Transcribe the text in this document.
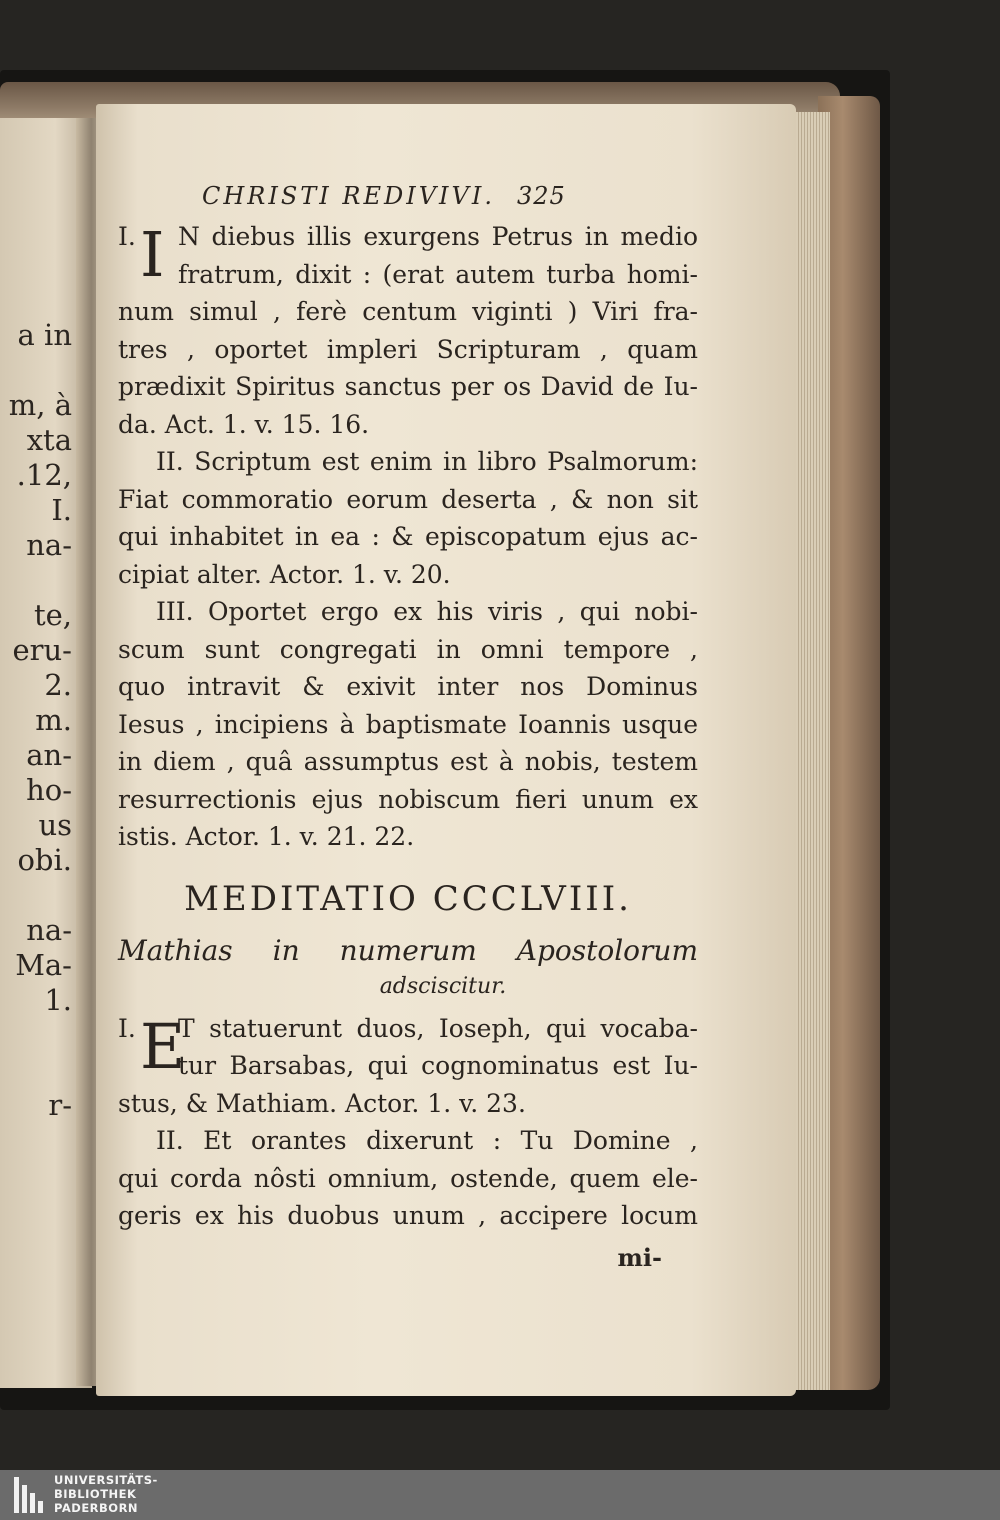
a in
m, à
xta
.12,
I.
na-
te,
eru-
2.
m.
an-
ho-
us
obi.
na-
Ma-
1.
r-
CHRISTI REDIVIVI. 325
I. I N diebus illis exurgens Petrus in medio
fratrum, dixit : (erat autem turba homi-
num simul , ferè centum viginti ) Viri fra-
tres , oportet impleri Scripturam , quam
prædixit Spiritus sanctus per os David de Iu-
da. Act. 1. v. 15. 16.
II. Scriptum est enim in libro Psalmorum:
Fiat commoratio eorum deserta , & non sit
qui inhabitet in ea : & episcopatum ejus ac-
cipiat alter. Actor. 1. v. 20.
III. Oportet ergo ex his viris , qui nobi-
scum sunt congregati in omni tempore ,
quo intravit & exivit inter nos Dominus
Iesus , incipiens à baptismate Ioannis usque
in diem , quâ assumptus est à nobis, testem
resurrectionis ejus nobiscum fieri unum ex
istis. Actor. 1. v. 21. 22.
MEDITATIO CCCLVIII.
Mathias in numerum Apostolorum
adsciscitur.
I. E
T statuerunt duos, Ioseph, qui vocaba-
tur Barsabas, qui cognominatus est Iu-
stus, & Mathiam. Actor. 1. v. 23.
II. Et orantes dixerunt : Tu Domine ,
qui corda nôsti omnium, ostende, quem ele-
geris ex his duobus unum , accipere locum
mi-
UNIVERSITÄTS-
BIBLIOTHEK
PADERBORN
